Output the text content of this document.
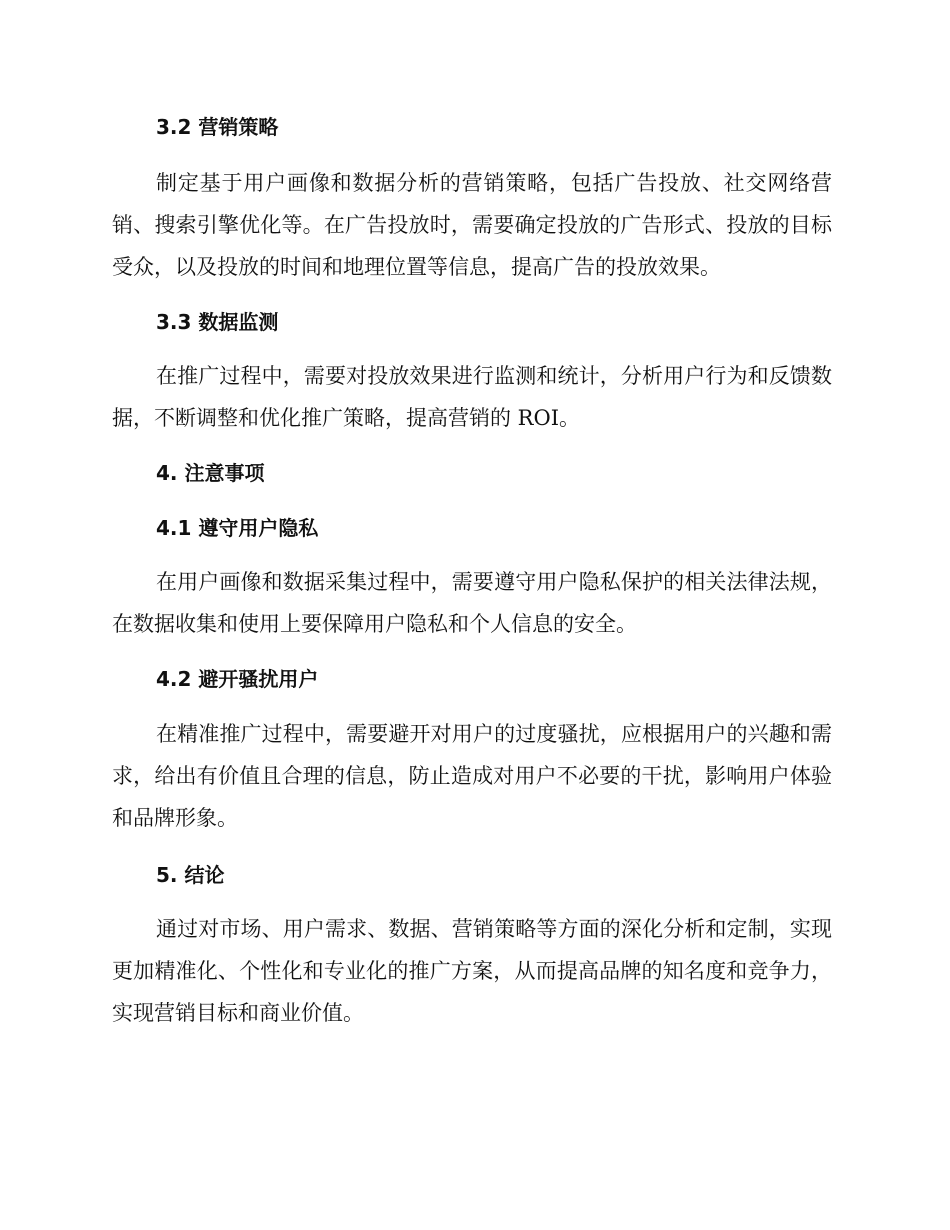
3.2 营销策略
制定基于用户画像和数据分析的营销策略，包括广告投放、社交网络营销、搜索引擎优化等。在广告投放时，需要确定投放的广告形式、投放的目标受众，以及投放的时间和地理位置等信息，提高广告的投放效果。
3.3 数据监测
在推广过程中，需要对投放效果进行监测和统计，分析用户行为和反馈数据，不断调整和优化推广策略，提高营销的 ROI。
4. 注意事项
4.1 遵守用户隐私
在用户画像和数据采集过程中，需要遵守用户隐私保护的相关法律法规，在数据收集和使用上要保障用户隐私和个人信息的安全。
4.2 避开骚扰用户
在精准推广过程中，需要避开对用户的过度骚扰，应根据用户的兴趣和需求，给出有价值且合理的信息，防止造成对用户不必要的干扰，影响用户体验和品牌形象。
5. 结论
通过对市场、用户需求、数据、营销策略等方面的深化分析和定制，实现更加精准化、个性化和专业化的推广方案，从而提高品牌的知名度和竞争力，实现营销目标和商业价值。
